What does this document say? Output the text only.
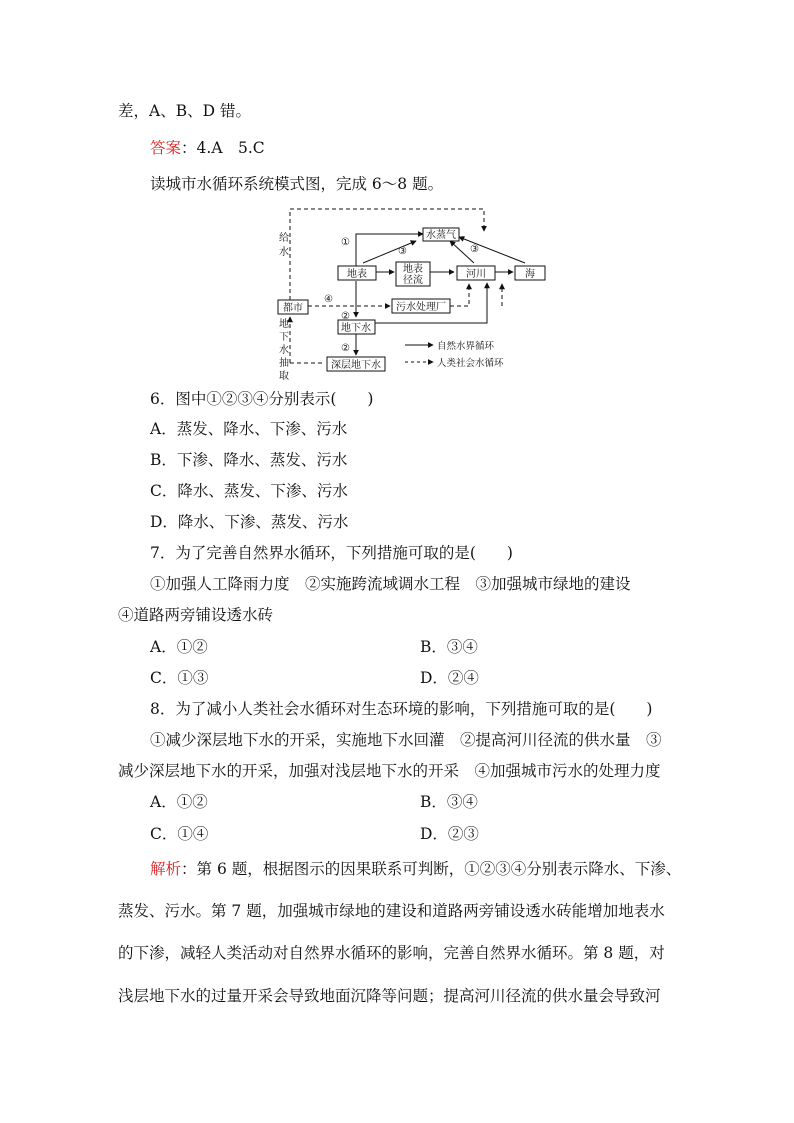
差，A、B、D 错。
答案：4.A　5.C
读城市水循环系统模式图，完成 6～8 题。
水蒸气
地表	地表
径流
河川	海
都市	污水处理厂
地下水
深层地下水
①
③	③
④
②
②
给
水
地
下
水
抽
取
自然水界循环
人类社会水循环
6．图中①②③④分别表示(　　)
A．蒸发、降水、下渗、污水
B．下渗、降水、蒸发、污水
C．降水、蒸发、下渗、污水
D．降水、下渗、蒸发、污水
7．为了完善自然界水循环，下列措施可取的是(　　)
①加强人工降雨力度　②实施跨流域调水工程　③加强城市绿地的建设
④道路两旁铺设透水砖
A．①②	B．③④
C．①③	D．②④
8．为了减小人类社会水循环对生态环境的影响，下列措施可取的是(　　)
①减少深层地下水的开采，实施地下水回灌　②提高河川径流的供水量　③
减少深层地下水的开采，加强对浅层地下水的开采　④加强城市污水的处理力度
A．①②	B．③④
C．①④	D．②③
解析：第 6 题，根据图示的因果联系可判断，①②③④分别表示降水、下渗、
蒸发、污水。第 7 题，加强城市绿地的建设和道路两旁铺设透水砖能增加地表水
的下渗，减轻人类活动对自然界水循环的影响，完善自然界水循环。第 8 题，对
浅层地下水的过量开采会导致地面沉降等问题；提高河川径流的供水量会导致河
